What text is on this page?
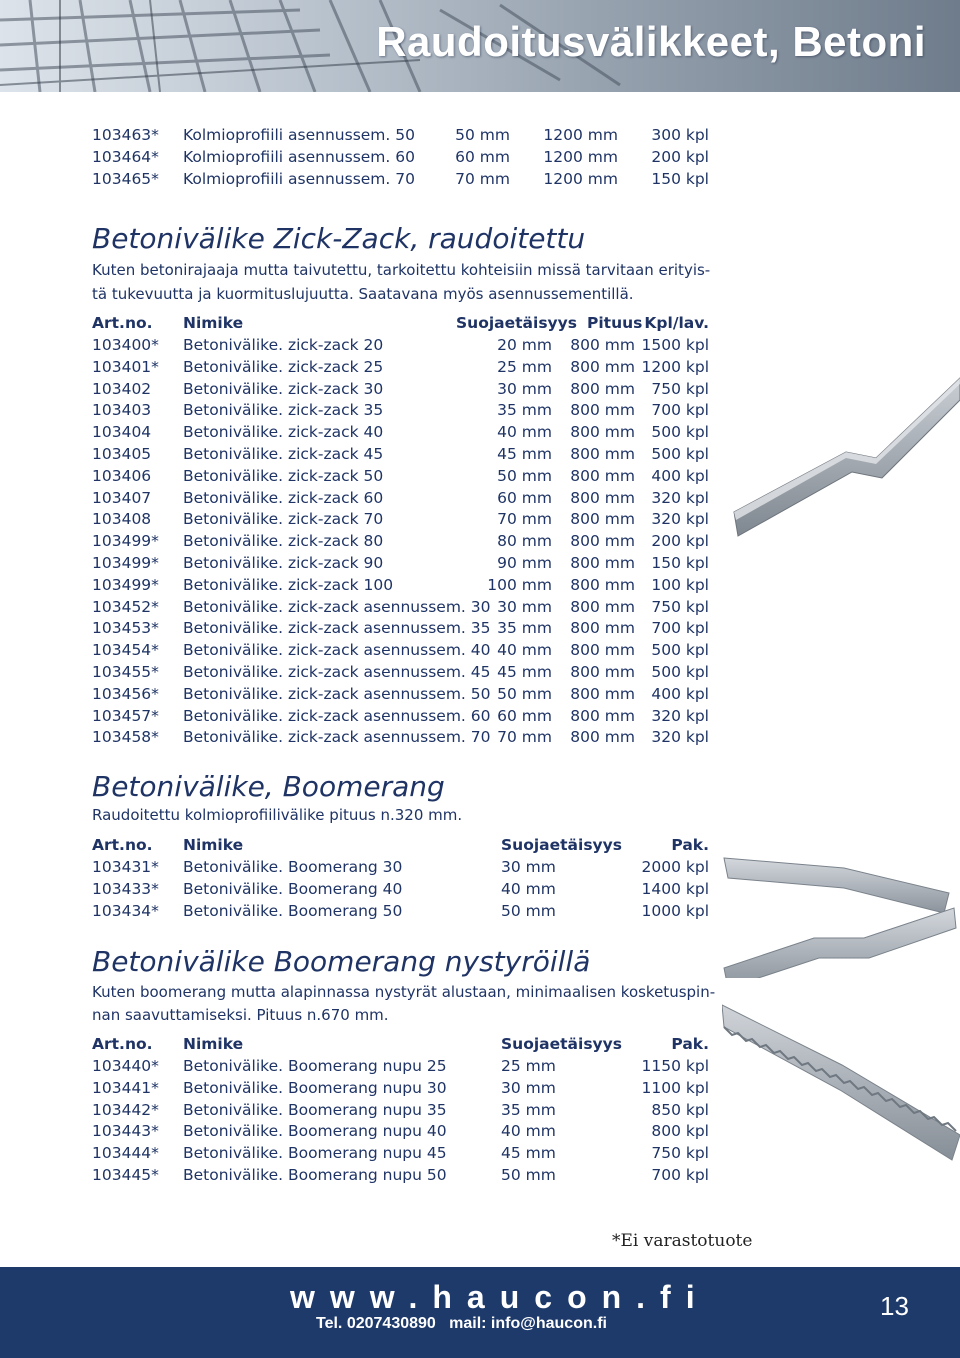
Raudoitusvälikkeet, Betoni
103463* Kolmioprofiili asennussem. 50	50 mm 1200 mm 300 kpl
103464* Kolmioprofiili asennussem. 60	60 mm 1200 mm 200 kpl
103465* Kolmioprofiili asennussem. 70	70 mm 1200 mm 150 kpl
Betonivälike Zick-Zack, raudoitettu
Kuten betonirajaaja mutta taivutettu, tarkoitettu kohteisiin missä tarvitaan erityis-
tä tukevuutta ja kuormituslujuutta. Saatavana myös asennussementillä.
Art.no. Nimike	Suojaetäisyys Pituus Kpl/lav.
103400* Betonivälike. zick-zack 20	20 mm 800 mm 1500 kpl
103401* Betonivälike. zick-zack 25	25 mm 800 mm 1200 kpl
103402 Betonivälike. zick-zack 30	30 mm 800 mm 750 kpl
103403 Betonivälike. zick-zack 35	35 mm 800 mm 700 kpl
103404 Betonivälike. zick-zack 40	40 mm 800 mm 500 kpl
103405 Betonivälike. zick-zack 45	45 mm 800 mm 500 kpl
103406 Betonivälike. zick-zack 50	50 mm 800 mm 400 kpl
103407 Betonivälike. zick-zack 60	60 mm 800 mm 320 kpl
103408 Betonivälike. zick-zack 70	70 mm 800 mm 320 kpl
103499* Betonivälike. zick-zack 80	80 mm 800 mm 200 kpl
103499* Betonivälike. zick-zack 90	90 mm 800 mm 150 kpl
103499* Betonivälike. zick-zack 100	100 mm 800 mm 100 kpl
103452* Betonivälike. zick-zack asennussem. 30 30 mm 800 mm 750 kpl
103453* Betonivälike. zick-zack asennussem. 35 35 mm 800 mm 700 kpl
103454* Betonivälike. zick-zack asennussem. 40 40 mm 800 mm 500 kpl
103455* Betonivälike. zick-zack asennussem. 45 45 mm 800 mm 500 kpl
103456* Betonivälike. zick-zack asennussem. 50 50 mm 800 mm 400 kpl
103457* Betonivälike. zick-zack asennussem. 60 60 mm 800 mm 320 kpl
103458* Betonivälike. zick-zack asennussem. 70 70 mm 800 mm 320 kpl
Betonivälike, Boomerang
Raudoitettu kolmioprofiilivälike pituus n.320 mm.
Art.no. Nimike	Suojaetäisyys	Pak.
103431* Betonivälike. Boomerang 30	30 mm	2000 kpl
103433* Betonivälike. Boomerang 40	40 mm	1400 kpl
103434* Betonivälike. Boomerang 50	50 mm	1000 kpl
Betonivälike Boomerang nystyröillä
Kuten boomerang mutta alapinnassa nystyrät alustaan, minimaalisen kosketuspin-
nan saavuttamiseksi. Pituus n.670 mm.
Art.no. Nimike	Suojaetäisyys	Pak.
103440* Betonivälike. Boomerang nupu 25	25 mm	1150 kpl
103441* Betonivälike. Boomerang nupu 30	30 mm	1100 kpl
103442* Betonivälike. Boomerang nupu 35	35 mm	850 kpl
103443* Betonivälike. Boomerang nupu 40	40 mm	800 kpl
103444* Betonivälike. Boomerang nupu 45	45 mm	750 kpl
103445* Betonivälike. Boomerang nupu 50	50 mm	700 kpl
*Ei varastotuote
www.haucon.fi
Tel. 0207430890   mail: info@haucon.fi
13
